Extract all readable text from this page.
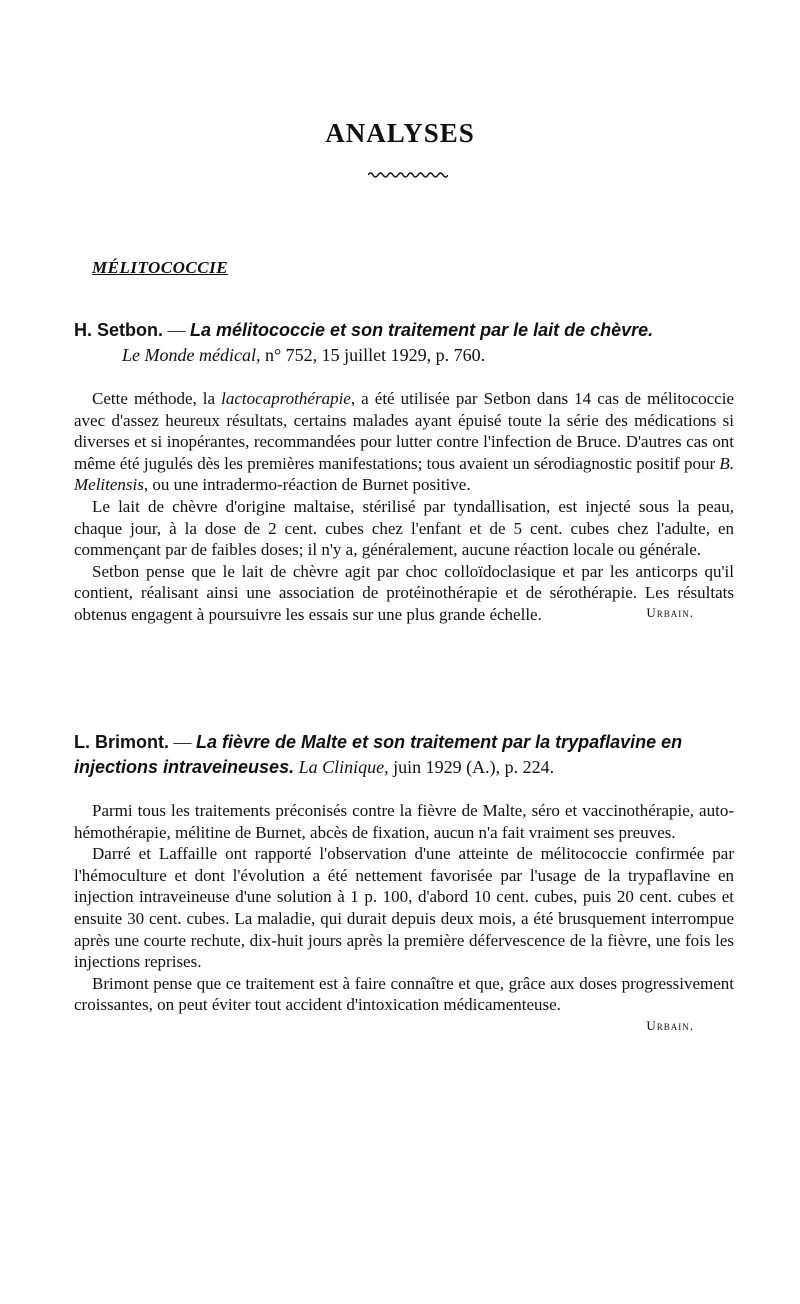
ANALYSES
MÉLITOCOCCIE
H. Setbon. — La mélitococcie et son traitement par le lait de chèvre.
Le Monde médical, n° 752, 15 juillet 1929, p. 760.

Cette méthode, la lactocaprothérapie, a été utilisée par Setbon dans 14 cas de mélitococcie avec d'assez heureux résultats, certains malades ayant épuisé toute la série des médications si diverses et si inopérantes, recommandées pour lutter contre l'infection de Bruce. D'autres cas ont même été jugulés dès les premières manifestations; tous avaient un sérodiagnostic positif pour B. Melitensis, ou une intradermo-réaction de Burnet positive.

Le lait de chèvre d'origine maltaise, stérilisé par tyndallisation, est injecté sous la peau, chaque jour, à la dose de 2 cent. cubes chez l'enfant et de 5 cent. cubes chez l'adulte, en commençant par de faibles doses; il n'y a, généralement, aucune réaction locale ou générale.

Setbon pense que le lait de chèvre agit par choc colloïdoclasique et par les anticorps qu'il contient, réalisant ainsi une association de protéinothérapie et de sérothérapie. Les résultats obtenus engagent à poursuivre les essais sur une plus grande échelle.	Urbain.
L. Brimont. — La fièvre de Malte et son traitement par la trypaflavine en injections intraveineuses. La Clinique, juin 1929 (A.), p. 224.

Parmi tous les traitements préconisés contre la fièvre de Malte, séro et vaccinothérapie, auto-hémothérapie, mélitine de Burnet, abcès de fixation, aucun n'a fait vraiment ses preuves.

Darré et Laffaille ont rapporté l'observation d'une atteinte de mélitococcie confirmée par l'hémoculture et dont l'évolution a été nettement favorisée par l'usage de la trypaflavine en injection intraveineuse d'une solution à 1 p. 100, d'abord 10 cent. cubes, puis 20 cent. cubes et ensuite 30 cent. cubes. La maladie, qui durait depuis deux mois, a été brusquement interrompue après une courte rechute, dix-huit jours après la première défervescence de la fièvre, une fois les injections reprises.

Brimont pense que ce traitement est à faire connaître et que, grâce aux doses progressivement croissantes, on peut éviter tout accident d'intoxication médicamenteuse.

Urbain.
